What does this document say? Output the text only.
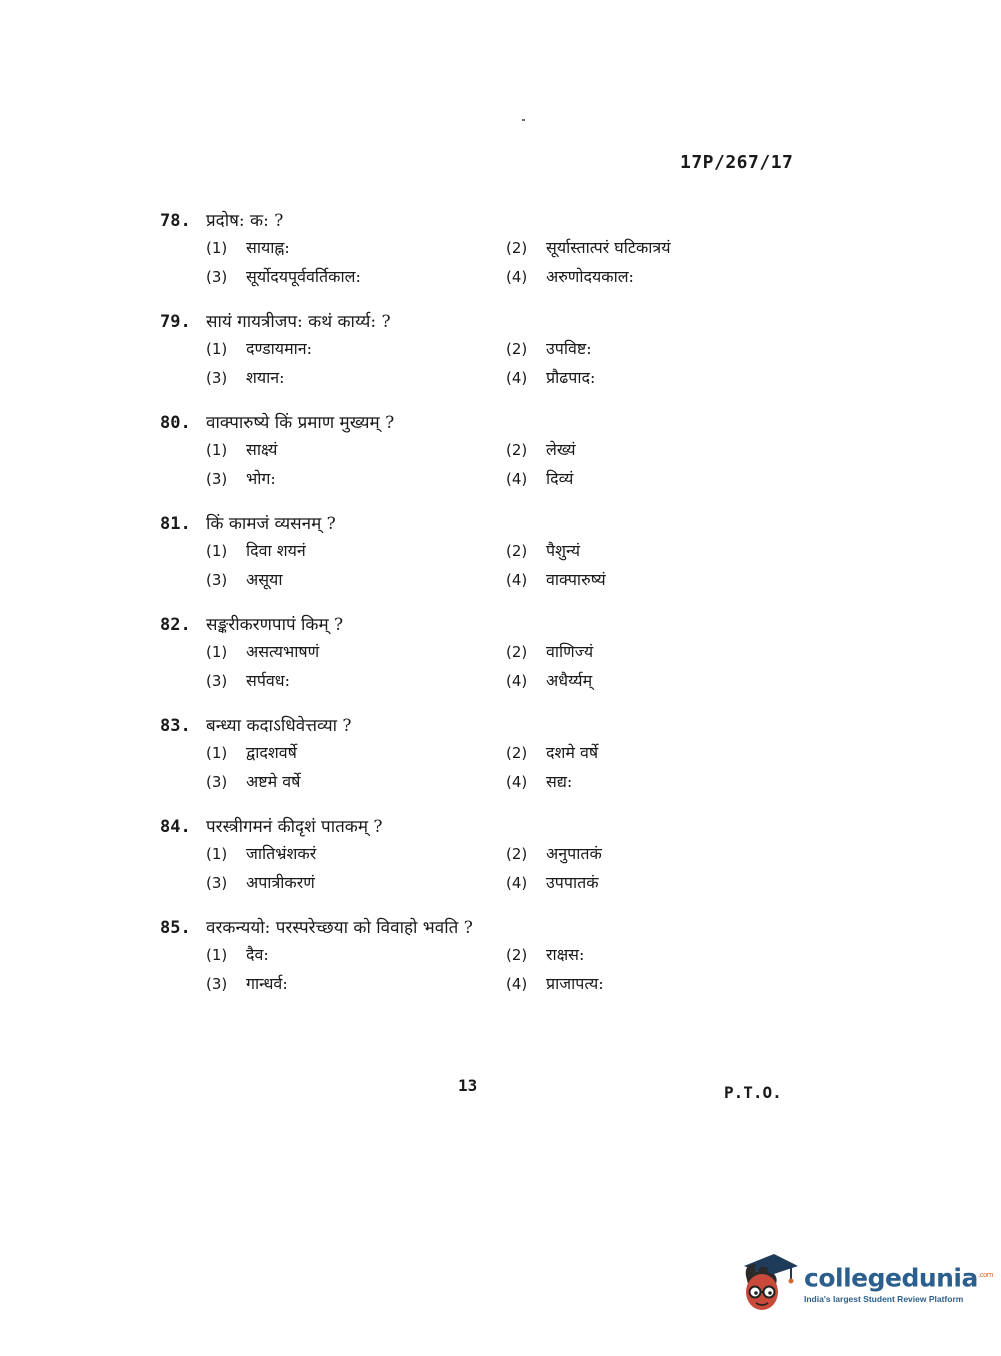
17P/267/17
78. प्रदोष: क: ?
(1)	सायाह्न:	(2)	सूर्यास्तात्परं घटिकात्रयं
(3)	सूर्योदयपूर्ववर्तिकाल:	(4)	अरुणोदयकाल:
79. सायं गायत्रीजप: कथं कार्य्य: ?
(1)	दण्डायमान:	(2)	उपविष्ट:
(3)	शयान:	(4)	प्रौढपाद:
80. वाक्पारुष्ये किं प्रमाण मुख्यम् ?
(1)	साक्ष्यं	(2)	लेख्यं
(3)	भोग:	(4)	दिव्यं
81. किं कामजं व्यसनम् ?
(1)	दिवा शयनं	(2)	पैशुन्यं
(3)	असूया	(4)	वाक्पारुष्यं
82. सङ्करीकरणपापं किम् ?
(1)	असत्यभाषणं	(2)	वाणिज्यं
(3)	सर्पवध:	(4)	अधैर्य्यम्
83. बन्ध्या कदाऽधिवेत्तव्या ?
(1)	द्वादशवर्षे	(2)	दशमे वर्षे
(3)	अष्टमे वर्षे	(4)	सद्य:
84. परस्त्रीगमनं कीदृशं पातकम् ?
(1)	जातिभ्रंशकरं	(2)	अनुपातकं
(3)	अपात्रीकरणं	(4)	उपपातकं
85. वरकन्ययो: परस्परेच्छया को विवाहो भवति ?
(1)	दैव:	(2)	राक्षस:
(3)	गान्धर्व:	(4)	प्राजापत्य:
13	P.T.O.
collegedunia$^{.com}$
India's largest Student Review Platform
